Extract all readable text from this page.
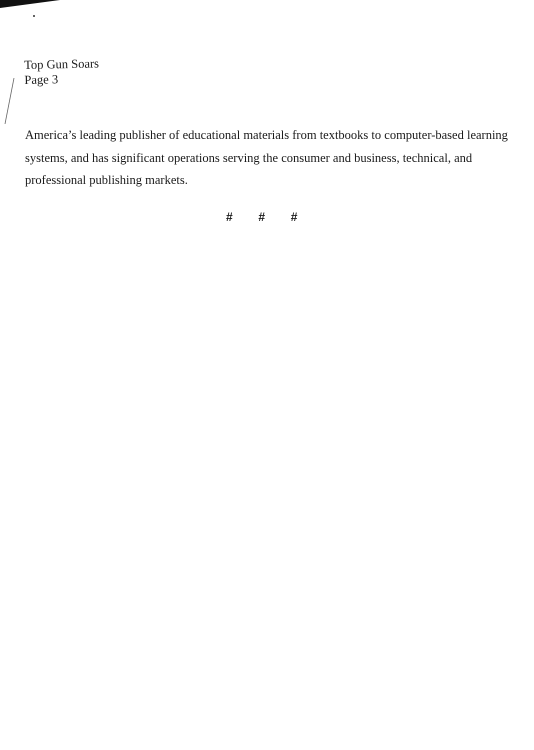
Top Gun Soars
Page 3

America’s leading publisher of educational materials from textbooks to computer-based learning

systems, and has significant operations serving the consumer and business, technical, and

professional publishing markets.

# # #
